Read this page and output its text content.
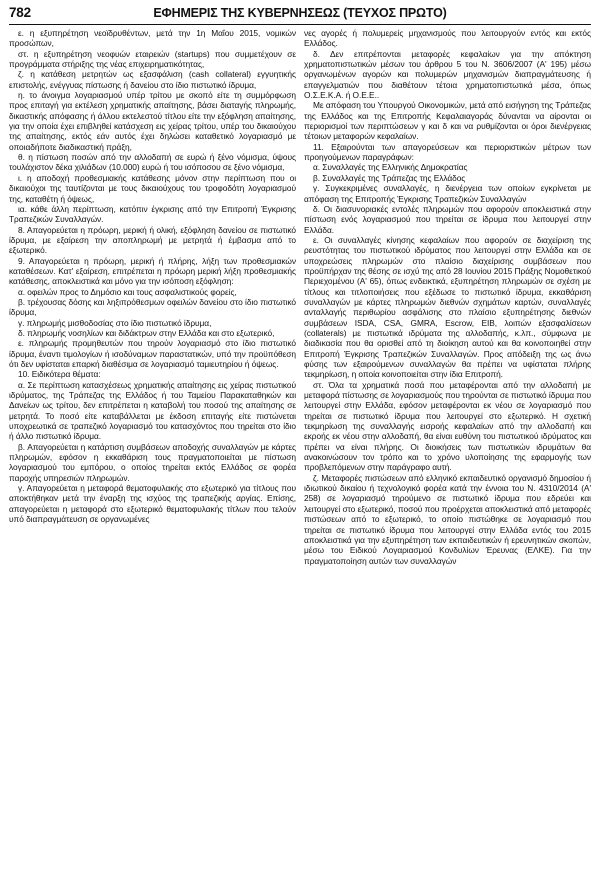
782	ΕΦΗΜΕΡΙΣ ΤΗΣ ΚΥΒΕΡΝΗΣΕΩΣ (ΤΕΥΧΟΣ ΠΡΩΤΟ)

ε. η εξυπηρέτηση νεοϊδρυθέντων, μετά την 1η Μαΐου 2015, νομικών προσώπων,

στ. η εξυπηρέτηση νεοφυών εταιρειών (startups) που συμμετέχουν σε προγράμματα στήριξης της νέας επιχειρηματικότητας,

ζ. η κατάθεση μετρητών ως εξασφάλιση (cash collateral) εγγυητικής επιστολής, ενέγγυας πίστωσης ή δανείου στο ίδιο πιστωτικό ίδρυμα,

η. το άνοιγμα λογαριασμού υπέρ τρίτου με σκοπό είτε τη συμμόρφωση προς επιταγή για εκτέλεση χρηματικής απαίτησης, βάσει διαταγής πληρωμής, δικαστικής απόφασης ή άλλου εκτελεστού τίτλου είτε την εξόφληση απαίτησης, για την οποία έχει επιβληθεί κατάσχεση εις χείρας τρίτου, υπέρ του δικαιούχου της απαίτησης, εκτός εάν αυτός έχει δηλώσει καταθετικό λογαριασμό με οποιαδήποτε διαδικαστική πράξη,

θ. η πίστωση ποσών από την αλλοδαπή σε ευρώ ή ξένο νόμισμα, ύψους τουλάχιστον δέκα χιλιάδων (10.000) ευρώ ή του ισόποσου σε ξένο νόμισμα,

ι. η αποδοχή προθεσμιακής κατάθεσης μόνον στην περίπτωση που οι δικαιούχοι της ταυτίζονται με τους δικαιούχους του τροφοδότη λογαριασμού της, καταθέτη ή όψεως,

ια. κάθε άλλη περίπτωση, κατόπιν έγκρισης από την Επιτροπή Έγκρισης Τραπεζικών Συναλλαγών.

8. Απαγορεύεται η πρόωρη, μερική ή ολική, εξόφληση δανείου σε πιστωτικό ίδρυμα, με εξαίρεση την αποπληρωμή με μετρητά ή έμβασμα από το εξωτερικό.

9. Απαγορεύεται η πρόωρη, μερική ή πλήρης, λήξη των προθεσμιακών καταθέσεων. Κατ' εξαίρεση, επιτρέπεται η πρόωρη μερική λήξη προθεσμιακής κατάθεσης, αποκλειστικά και μόνο για την ισόποση εξόφληση:

α. οφειλών προς το Δημόσιο και τους ασφαλιστικούς φορείς,

β. τρέχουσας δόσης και ληξιπρόθεσμων οφειλών δανείου στο ίδιο πιστωτικό ίδρυμα,

γ. πληρωμής μισθοδοσίας στο ίδιο πιστωτικό ίδρυμα,

δ. πληρωμής νοσηλίων και διδάκτρων στην Ελλάδα και στο εξωτερικό,

ε. πληρωμής προμηθευτών που τηρούν λογαριασμό στο ίδιο πιστωτικό ίδρυμα, έναντι τιμολογίων ή ισοδύναμων παραστατικών, υπό την προϋπόθεση ότι δεν υφίσταται επαρκή διαθέσιμα σε λογαριασμό ταμιευτηρίου ή όψεως.

10. Ειδικότερα θέματα:

α. Σε περίπτωση κατασχέσεως χρηματικής απαίτησης εις χείρας πιστωτικού ιδρύματος, της Τράπεζας της Ελλάδος ή του Ταμείου Παρακαταθηκών και Δανείων ως τρίτου, δεν επιτρέπεται η καταβολή του ποσού της απαίτησης σε μετρητά. Το ποσό είτε καταβάλλεται με έκδοση επιταγής είτε πιστώνεται υποχρεωτικά σε τραπεζικό λογαριασμό του κατασχόντος που τηρείται στο ίδιο ή άλλο πιστωτικό ίδρυμα.

β. Απαγορεύεται η κατάρτιση συμβάσεων αποδοχής συναλλαγών με κάρτες πληρωμών, εφόσον η εκκαθάριση τους πραγματοποιείται με πίστωση λογαριασμού του εμπόρου, ο οποίος τηρείται εκτός Ελλάδος σε φορέα παροχής υπηρεσιών πληρωμών.

γ. Απαγορεύεται η μεταφορά θεματοφυλακής στο εξωτερικό για τίτλους που αποκτήθηκαν μετά την έναρξη της ισχύος της τραπεζικής αργίας. Επίσης, απαγορεύεται η μεταφορά στο εξωτερικό θεματοφυλακής τίτλων που τελούν υπό διαπραγμάτευση σε οργανωμένες

νες αγορές ή πολυμερείς μηχανισμούς που λειτουργούν εντός και εκτός Ελλάδος.

δ. Δεν επιτρέπονται μεταφορές κεφαλαίων για την απόκτηση χρηματοπιστωτικών μέσων του άρθρου 5 του Ν. 3606/2007 (Α' 195) μέσω οργανωμένων αγορών και πολυμερών μηχανισμών διαπραγμάτευσης ή επαγγελματιών που διαθέτουν τέτοια χρηματοπιστωτικά μέσα, όπως Ο.Σ.Ε.Κ.Α. ή Ο.Ε.Ε..

Με απόφαση του Υπουργού Οικονομικών, μετά από εισήγηση της Τράπεζας της Ελλάδος και της Επιτροπής Κεφαλαιαγοράς δύνανται να αίρονται οι περιορισμοί των περιπτώσεων γ και δ και να ρυθμίζονται οι όροι διενέργειας τέτοιων μεταφορών κεφαλαίων.

11. Εξαιρούνται των απαγορεύσεων και περιοριστικών μέτρων των προηγούμενων παραγράφων:

α. Συναλλαγές της Ελληνικής Δημοκρατίας

β. Συναλλαγές της Τράπεζας της Ελλάδος

γ. Συγκεκριμένες συναλλαγές, η διενέργεια των οποίων εγκρίνεται με απόφαση της Επιτροπής Έγκρισης Τραπεζικών Συναλλαγών

δ. Οι διασυνοριακές εντολές πληρωμών που αφορούν αποκλειστικά στην πίστωση ενός λογαριασμού που τηρείται σε ίδρυμα που λειτουργεί στην Ελλάδα.

ε. Οι συναλλαγές κίνησης κεφαλαίων που αφορούν σε διαχείριση της ρευστότητας του πιστωτικού ιδρύματος που λειτουργεί στην Ελλάδα και σε υποχρεώσεις πληρωμών στο πλαίσιο διαχείρισης συμβάσεων που προϋπήρχαν της θέσης σε ισχύ της από 28 Ιουνίου 2015 Πράξης Νομοθετικού Περιεχομένου (Α' 65), όπως ενδεικτικά, εξυπηρέτηση πληρωμών σε σχέση με τίτλους και τιτλοποιήσεις που εξέδωσε το πιστωτικό ίδρυμα, εκκαθάριση συναλλαγών με κάρτες πληρωμών διεθνών σχημάτων καρτών, συναλλαγές ανταλλαγής περιθωρίου ασφάλισης στο πλαίσιο εξυπηρέτησης διεθνών συμβάσεων ISDA, CSA, GMRA, Escrow, EIB, λοιπών εξασφαλίσεων (collaterals) με πιστωτικά ιδρύματα της αλλοδαπής, κ.λπ., σύμφωνα με διαδικασία που θα ορισθεί από τη διοίκηση αυτού και θα κοινοποιηθεί στην Επιτροπή Έγκρισης Τραπεζικών Συναλλαγών. Προς απόδειξη της ως άνω φύσης των εξαιρούμενων συναλλαγών θα πρέπει να υφίσταται πλήρης τεκμηρίωση, η οποία κοινοποιείται στην ίδια Επιτροπή.

στ. Όλα τα χρηματικά ποσά που μεταφέρονται από την αλλοδαπή με μεταφορά πίστωσης σε λογαριασμούς που τηρούνται σε πιστωτικό ίδρυμα που λειτουργεί στην Ελλάδα, εφόσον μεταφέρονται εκ νέου σε λογαριασμό που τηρείται σε πιστωτικό ίδρυμα που λειτουργεί στο εξωτερικό. Η σχετική τεκμηρίωση της συναλλαγής εισροής κεφαλαίων από την αλλοδαπή και εκροής εκ νέου στην αλλοδαπή, θα είναι ευθύνη του πιστωτικού ιδρύματος και πρέπει να είναι πλήρης. Οι διοικήσεις των πιστωτικών ιδρυμάτων θα ανακοινώσουν τον τρόπο και το χρόνο υλοποίησης της εφαρμογής των προβλεπόμενων στην παράγραφο αυτή.

ζ. Μεταφορές πιστώσεων από ελληνικό εκπαιδευτικό οργανισμό δημοσίου ή ιδιωτικού δικαίου ή τεχνολογικό φορέα κατά την έννοια του Ν. 4310/2014 (Α' 258) σε λογαριασμό τηρούμενο σε πιστωτικό ίδρυμα που εδρεύει και λειτουργεί στο εξωτερικό, ποσού που προέρχεται αποκλειστικά από μεταφορές πιστώσεων από το εξωτερικό, το οποίο πιστώθηκε σε λογαριασμό που τηρείται σε πιστωτικό ίδρυμα που λειτουργεί στην Ελλάδα εντός του 2015 αποκλειστικά για την εξυπηρέτηση των εκπαιδευτικών ή ερευνητικών σκοπών, μέσω του Ειδικού Λογαριασμού Κονδυλίων Έρευνας (ΕΛΚΕ). Για την πραγματοποίηση αυτών των συναλλαγών
